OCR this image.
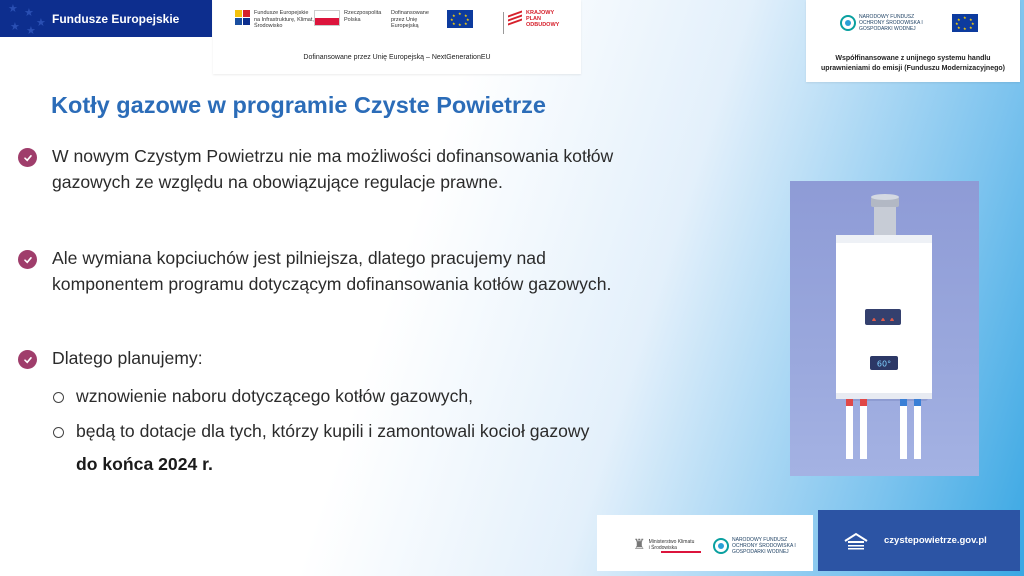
★ ★
★
★ ★
Fundusze Europejskie	Fundusze Europejskie na Infrastrukturę, Klimat, Środowisko
Rzeczpospolita Polska
Dofinansowane przez Unię Europejską
★ ★
★
★
★
★
★
★	KRAJOWY PLAN ODBUDOWY
Dofinansowane przez Unię Europejską – NextGenerationEU
NARODOWY FUNDUSZ OCHRONY ŚRODOWISKA I GOSPODARKI WODNEJ
★ ★
★
★
★
★
★
★
Współfinansowane z unijnego systemu handlu uprawnieniami do emisji (Funduszu Modernizacyjnego)
Kotły gazowe w programie Czyste Powietrze
W nowym Czystym Powietrzu nie ma możliwości dofinansowania kotłów
gazowych ze względu na obowiązujące regulacje prawne.
Ale wymiana kopciuchów jest pilniejsza, dlatego pracujemy nad
komponentem programu dotyczącym dofinansowania kotłów gazowych.
Dlatego planujemy:
wznowienie naboru dotyczącego kotłów gazowych,
będą to dotacje dla tych, którzy kupili i zamontowali kocioł gazowy
do końca 2024 r.
60°
♜ Ministerstwo Klimatu i Środowiska
NARODOWY FUNDUSZ OCHRONY ŚRODOWISKA I GOSPODARKI WODNEJ
czystepowietrze.gov.pl
